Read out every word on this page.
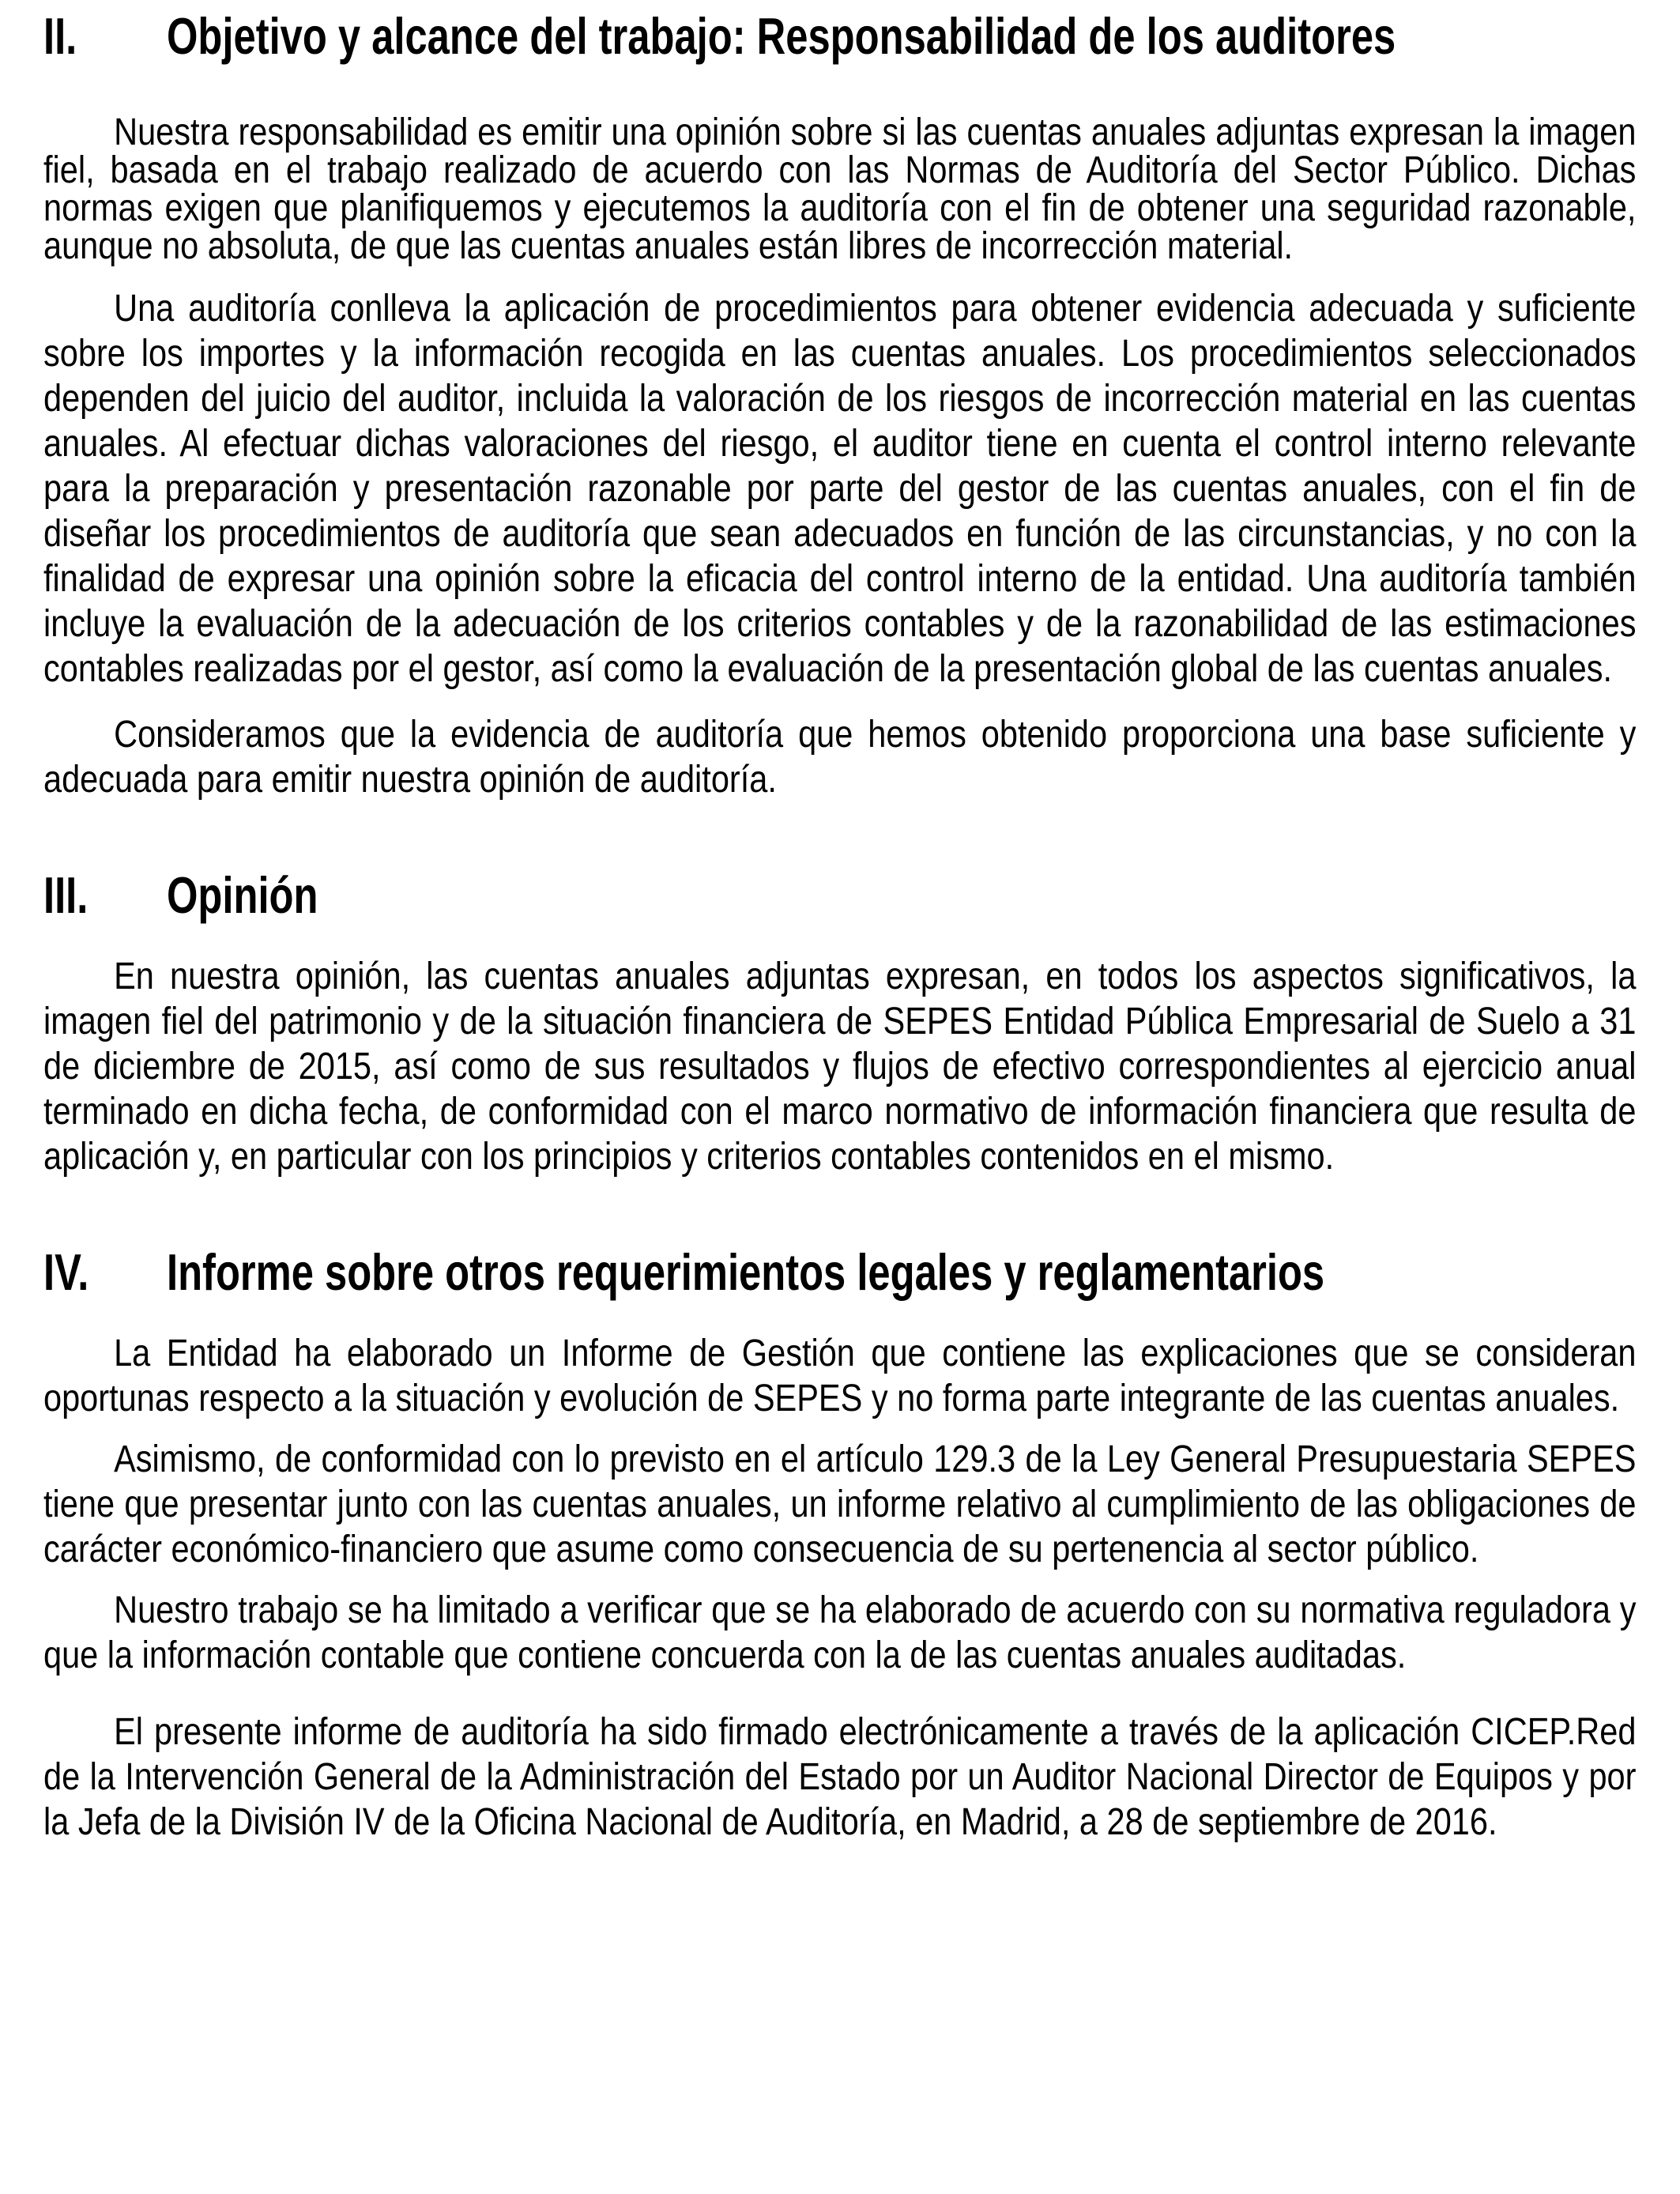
II. Objetivo y alcance del trabajo: Responsabilidad de los auditores

Nuestra responsabilidad es emitir una opinión sobre si las cuentas anuales adjuntas expresan la imagen fiel, basada en el trabajo realizado de acuerdo con las Normas de Auditoría del Sector Público. Dichas normas exigen que planifiquemos y ejecutemos la auditoría con el fin de obtener una seguridad razonable, aunque no absoluta, de que las cuentas anuales están libres de incorrección material.

Una auditoría conlleva la aplicación de procedimientos para obtener evidencia adecuada y suficiente sobre los importes y la información recogida en las cuentas anuales. Los procedimientos seleccionados dependen del juicio del auditor, incluida la valoración de los riesgos de incorrección material en las cuentas anuales. Al efectuar dichas valoraciones del riesgo, el auditor tiene en cuenta el control interno relevante para la preparación y presentación razonable por parte del gestor de las cuentas anuales, con el fin de diseñar los procedimientos de auditoría que sean adecuados en función de las circunstancias, y no con la finalidad de expresar una opinión sobre la eficacia del control interno de la entidad. Una auditoría también incluye la evaluación de la adecuación de los criterios contables y de la razonabilidad de las estimaciones contables realizadas por el gestor, así como la evaluación de la presentación global de las cuentas anuales.

Consideramos que la evidencia de auditoría que hemos obtenido proporciona una base suficiente y adecuada para emitir nuestra opinión de auditoría.

III. Opinión

En nuestra opinión, las cuentas anuales adjuntas expresan, en todos los aspectos significativos, la imagen fiel del patrimonio y de la situación financiera de SEPES Entidad Pública Empresarial de Suelo a 31 de diciembre de 2015, así como de sus resultados y flujos de efectivo correspondientes al ejercicio anual terminado en dicha fecha, de conformidad con el marco normativo de información financiera que resulta de aplicación y, en particular con los principios y criterios contables contenidos en el mismo.

IV. Informe sobre otros requerimientos legales y reglamentarios

La Entidad ha elaborado un Informe de Gestión que contiene las explicaciones que se consideran oportunas respecto a la situación y evolución de SEPES y no forma parte integrante de las cuentas anuales.

Asimismo, de conformidad con lo previsto en el artículo 129.3 de la Ley General Presupuestaria SEPES tiene que presentar junto con las cuentas anuales, un informe relativo al cumplimiento de las obligaciones de carácter económico-financiero que asume como consecuencia de su pertenencia al sector público.

Nuestro trabajo se ha limitado a verificar que se ha elaborado de acuerdo con su normativa reguladora y que la información contable que contiene concuerda con la de las cuentas anuales auditadas.

El presente informe de auditoría ha sido firmado electrónicamente a través de la aplicación CICEP.Red de la Intervención General de la Administración del Estado por un Auditor Nacional Director de Equipos y por la Jefa de la División IV de la Oficina Nacional de Auditoría, en Madrid, a 28 de septiembre de 2016.
